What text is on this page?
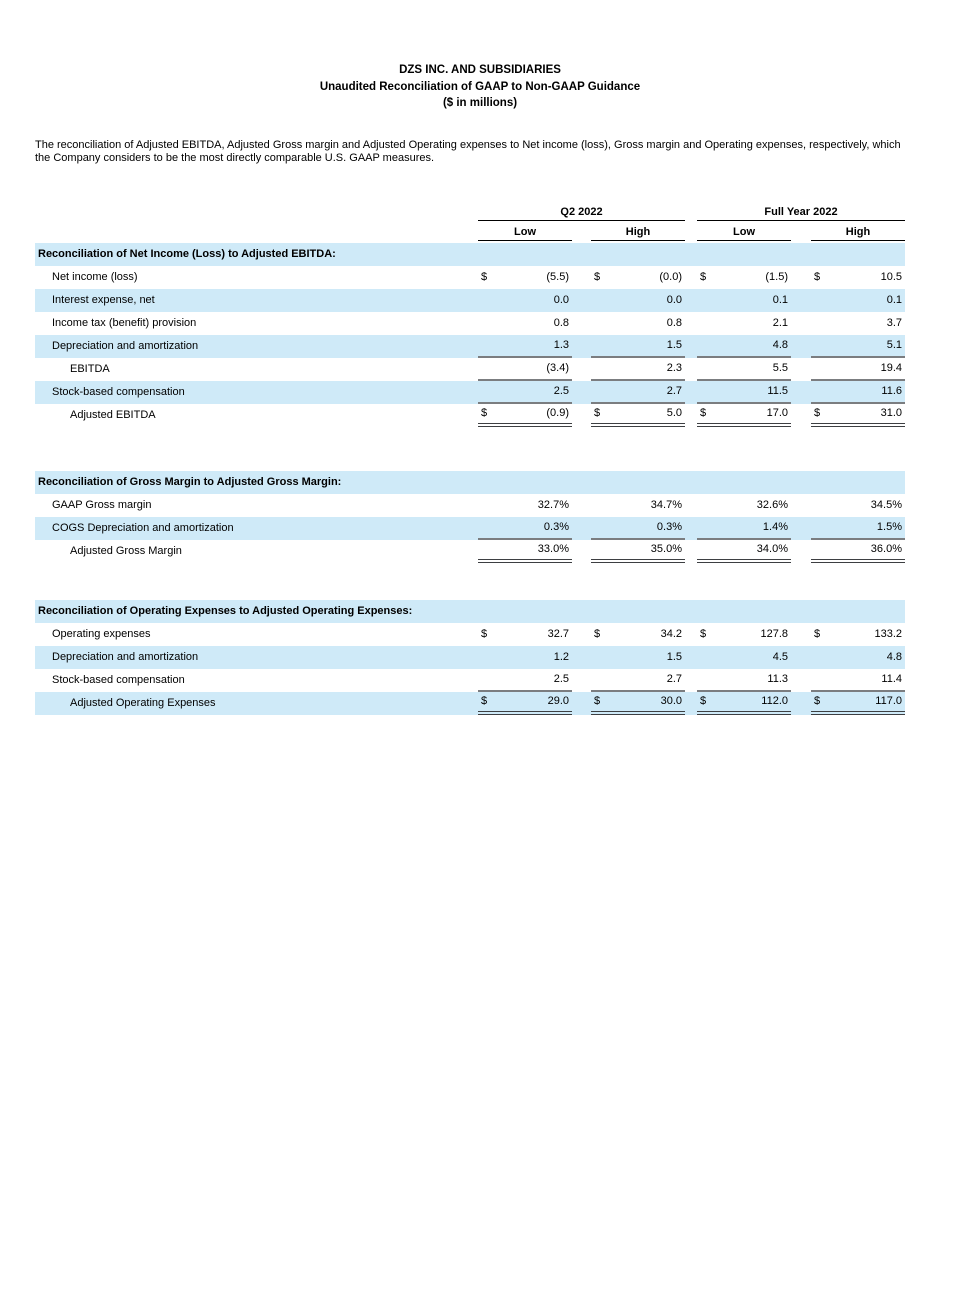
DZS INC. AND SUBSIDIARIES
Unaudited Reconciliation of GAAP to Non-GAAP Guidance
($ in millions)
The reconciliation of Adjusted EBITDA, Adjusted Gross margin and Adjusted Operating expenses to Net income (loss), Gross margin and Operating expenses, respectively, which the Company considers to be the most directly comparable U.S. GAAP measures.
Q2 2022	Full Year 2022
Low	High	Low	High
Reconciliation of Net Income (Loss) to Adjusted EBITDA:
Net income (loss)	$	(5.5) $	(0.0) $	(1.5) $	10.5
Interest expense, net	0.0	0.0	0.1	0.1
Income tax (benefit) provision	0.8	0.8	2.1	3.7
Depreciation and amortization	1.3	1.5	4.8	5.1
EBITDA	(3.4)	2.3	5.5	19.4
Stock-based compensation	2.5	2.7	11.5	11.6
Adjusted EBITDA	$	(0.9) $	5.0 $	17.0 $	31.0
Reconciliation of Gross Margin to Adjusted Gross Margin:
GAAP Gross margin	32.7%	34.7%	32.6%	34.5%
COGS Depreciation and amortization	0.3%	0.3%	1.4%	1.5%
Adjusted Gross Margin	33.0%	35.0%	34.0%	36.0%
Reconciliation of Operating Expenses to Adjusted Operating Expenses:
Operating expenses	$	32.7 $	34.2 $	127.8 $	133.2
Depreciation and amortization	1.2	1.5	4.5	4.8
Stock-based compensation	2.5	2.7	11.3	11.4
Adjusted Operating Expenses	$	29.0 $	30.0 $	112.0 $	117.0
